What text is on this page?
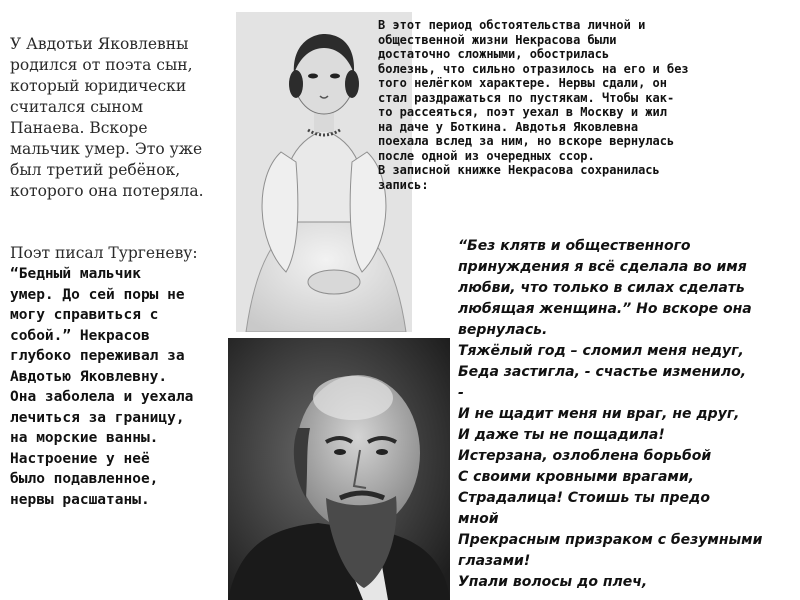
У Авдотьи Яковлевны
родился от поэта сын,
который юридически
считался сыном
Панаева. Вскоре
мальчик умер. Это уже
был третий ребёнок,
которого она потеряла.
Поэт писал Тургеневу:
“Бедный мальчик
умер. До сей поры не
могу справиться с
собой.” Некрасов
глубоко переживал за
Авдотью Яковлевну.
Она заболела и уехала
лечиться за границу,
на морские ванны.
Настроение у неё
было подавленное,
нервы расшатаны.
В этот период обстоятельства личной и
общественной жизни Некрасова были
достаточно сложными, обострилась
болезнь, что сильно отразилось на его и без
того нелёгком характере. Нервы сдали, он
стал раздражаться по пустякам. Чтобы как-
то рассеяться, поэт уехал в Москву и жил
на даче у Боткина. Авдотья Яковлевна
поехала вслед за ним, но вскоре вернулась
после одной из очередных ссор.
В записной книжке Некрасова сохранилась
запись:
“Без клятв и общественного
принуждения я всё сделала во имя
любви, что только в силах сделать
любящая женщина.” Но вскоре она
вернулась.
Тяжёлый год – сломил меня недуг,
Беда застигла, - счастье изменило,
-
И не щадит меня ни враг, не друг,
И даже ты не пощадила!
Истерзана, озлоблена борьбой
С своими кровными врагами,
Страдалица! Стоишь ты предо
мной
Прекрасным призраком с безумными
глазами!
Упали волосы до плеч,
